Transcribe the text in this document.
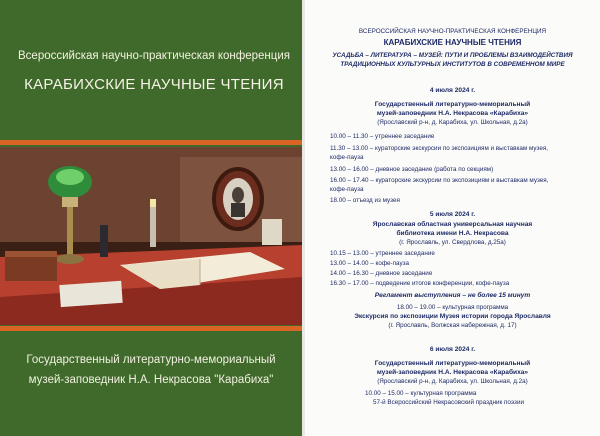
Всероссийская научно-практическая конференция
КАРАБИХСКИЕ НАУЧНЫЕ ЧТЕНИЯ
Государственный литературно-мемориальный
музей-заповедник Н.А. Некрасова "Карабиха"
ВСЕРОССИЙСКАЯ НАУЧНО-ПРАКТИЧЕСКАЯ КОНФЕРЕНЦИЯ
КАРАБИХСКИЕ НАУЧНЫЕ ЧТЕНИЯ
УСАДЬБА – ЛИТЕРАТУРА – МУЗЕЙ: ПУТИ И ПРОБЛЕМЫ ВЗАИМОДЕЙСТВИЯ
ТРАДИЦИОННЫХ КУЛЬТУРНЫХ ИНСТИТУТОВ В СОВРЕМЕННОМ МИРЕ
4 июля 2024 г.
Государственный литературно-мемориальный
музей-заповедник Н.А. Некрасова «Карабиха»
(Ярославский р-н, д. Карабиха, ул. Школьная, д.2а)
10.00 – 11.30 – утреннее заседание
11.30 – 13.00 – кураторские экскурсии по экспозициям и выставкам музея,
кофе-пауза
13.00 – 16.00 – дневное заседание (работа по секциям)
16.00 – 17.40 – кураторские экскурсии по экспозициям и выставкам музея,
кофе-пауза
18.00 – отъезд из музея
5 июля 2024 г.
Ярославская областная универсальная научная
библиотека имени Н.А. Некрасова
(г. Ярославль, ул. Свердлова, д.25а)
10.15 – 13.00 – утреннее заседание
13.00 – 14.00 – кофе-пауза
14.00 – 16.30 – дневное заседание
16.30 – 17.00 – подведение итогов конференции, кофе-пауза
Регламент выступления – не более 15 минут
18.00 – 19.00 – культурная программа
Экскурсия по экспозиции Музея истории города Ярославля
(г. Ярославль, Волжская набережная, д. 17)
6 июля 2024 г.
Государственный литературно-мемориальный
музей-заповедник Н.А. Некрасова «Карабиха»
(Ярославский р-н, д. Карабиха, ул. Школьная, д.2а)
10.00 – 15.00 – культурная программа
57-й Всероссийский Некрасовский праздник поэзии
